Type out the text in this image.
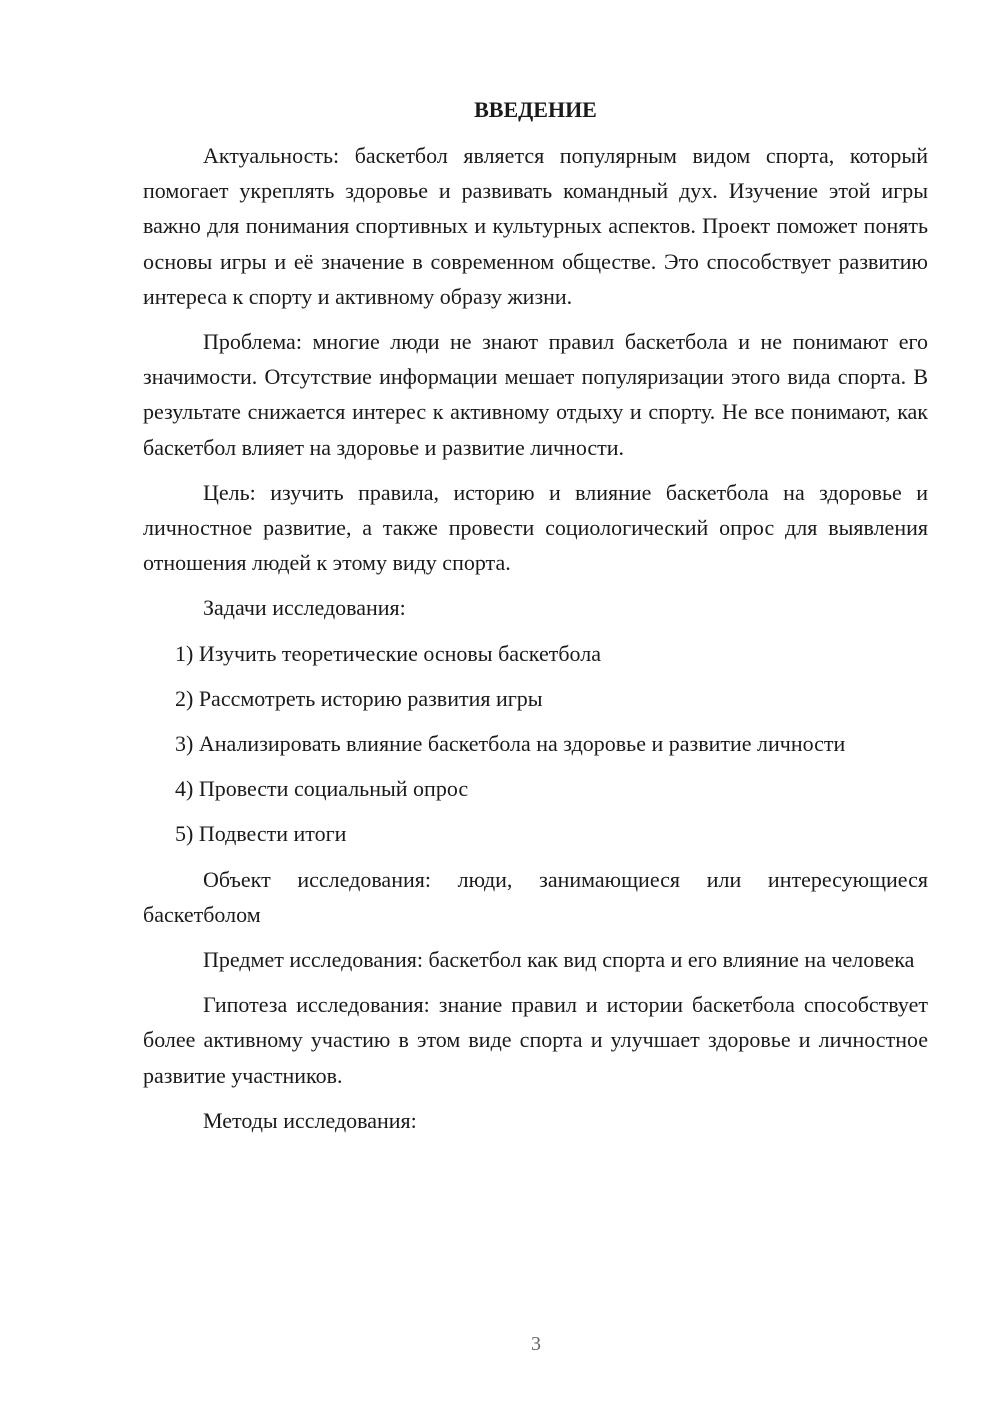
ВВЕДЕНИЕ

Актуальность: баскетбол является популярным видом спорта, который помогает укреплять здоровье и развивать командный дух. Изучение этой игры важно для понимания спортивных и культурных аспектов. Проект поможет понять основы игры и её значение в современном обществе. Это способствует развитию интереса к спорту и активному образу жизни.

Проблема: многие люди не знают правил баскетбола и не понимают его значимости. Отсутствие информации мешает популяризации этого вида спорта. В результате снижается интерес к активному отдыху и спорту. Не все понимают, как баскетбол влияет на здоровье и развитие личности.

Цель: изучить правила, историю и влияние баскетбола на здоровье и личностное развитие, а также провести социологический опрос для выявления отношения людей к этому виду спорта.

Задачи исследования:

1) Изучить теоретические основы баскетбола

2) Рассмотреть историю развития игры

3) Анализировать влияние баскетбола на здоровье и развитие личности

4) Провести социальный опрос

5) Подвести итоги

Объект исследования: люди, занимающиеся или интересующиеся баскетболом

Предмет исследования: баскетбол как вид спорта и его влияние на человека

Гипотеза исследования: знание правил и истории баскетбола способствует более активному участию в этом виде спорта и улучшает здоровье и личностное развитие участников.

Методы исследования:

3
